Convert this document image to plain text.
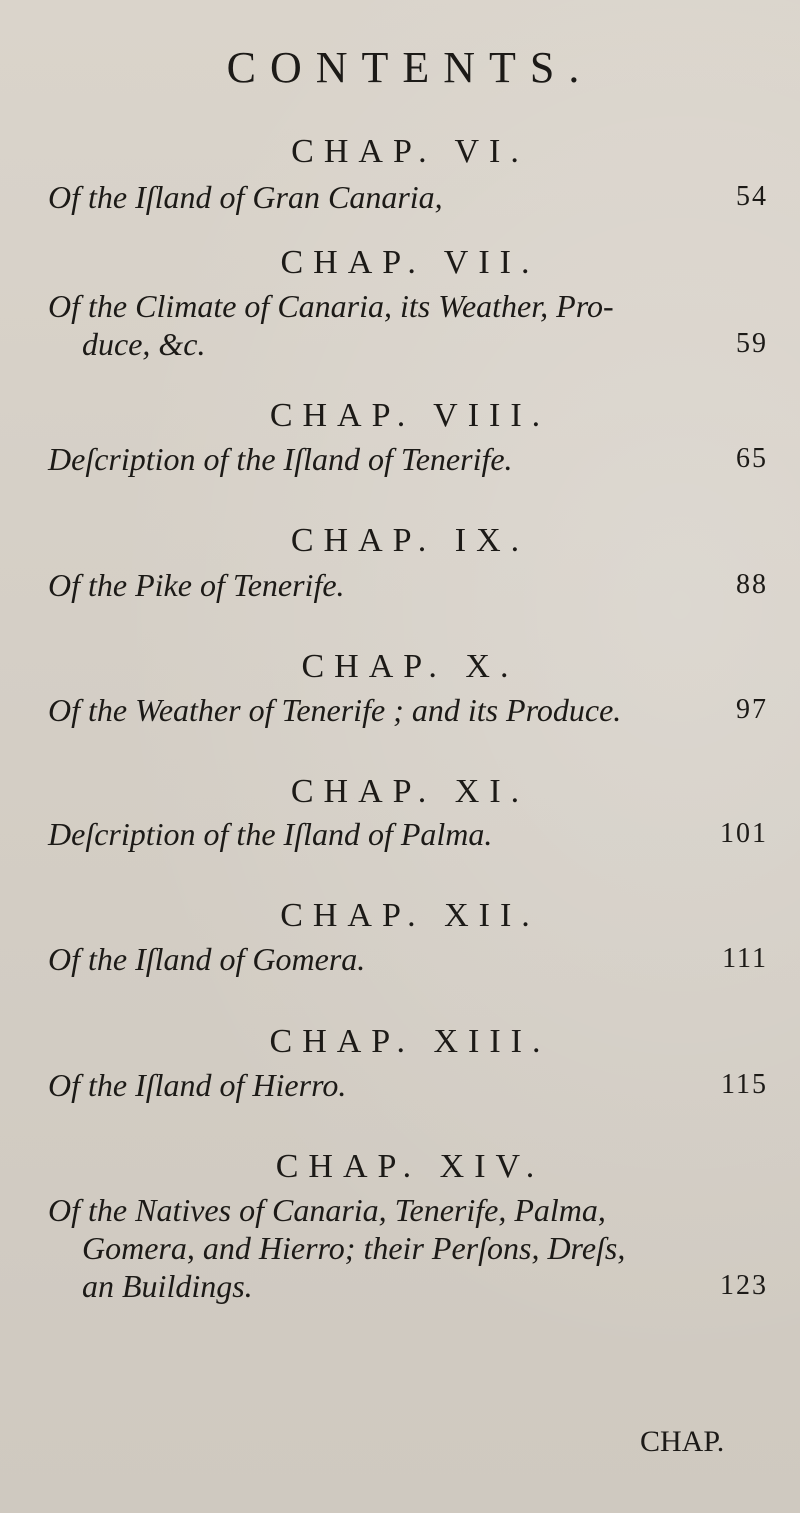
CONTENTS.
CHAP. VI.
Of the Iſland of Gran Canaria,	54
CHAP. VII.
Of the Climate of Canaria, its Weather, Pro-
duce, &c.	59
CHAP. VIII.
Deſcription of the Iſland of Tenerife.	65
CHAP. IX.
Of the Pike of Tenerife.	88
CHAP. X.
Of the Weather of Tenerife ; and its Produce.	97
CHAP. XI.
Deſcription of the Iſland of Palma.	101
CHAP. XII.
Of the Iſland of Gomera.	111
CHAP. XIII.
Of the Iſland of Hierro.	115
CHAP. XIV.
Of the Natives of Canaria, Tenerife, Palma,
Gomera, and Hierro; their Perſons, Dreſs,
an Buildings.	123
CHAP.
